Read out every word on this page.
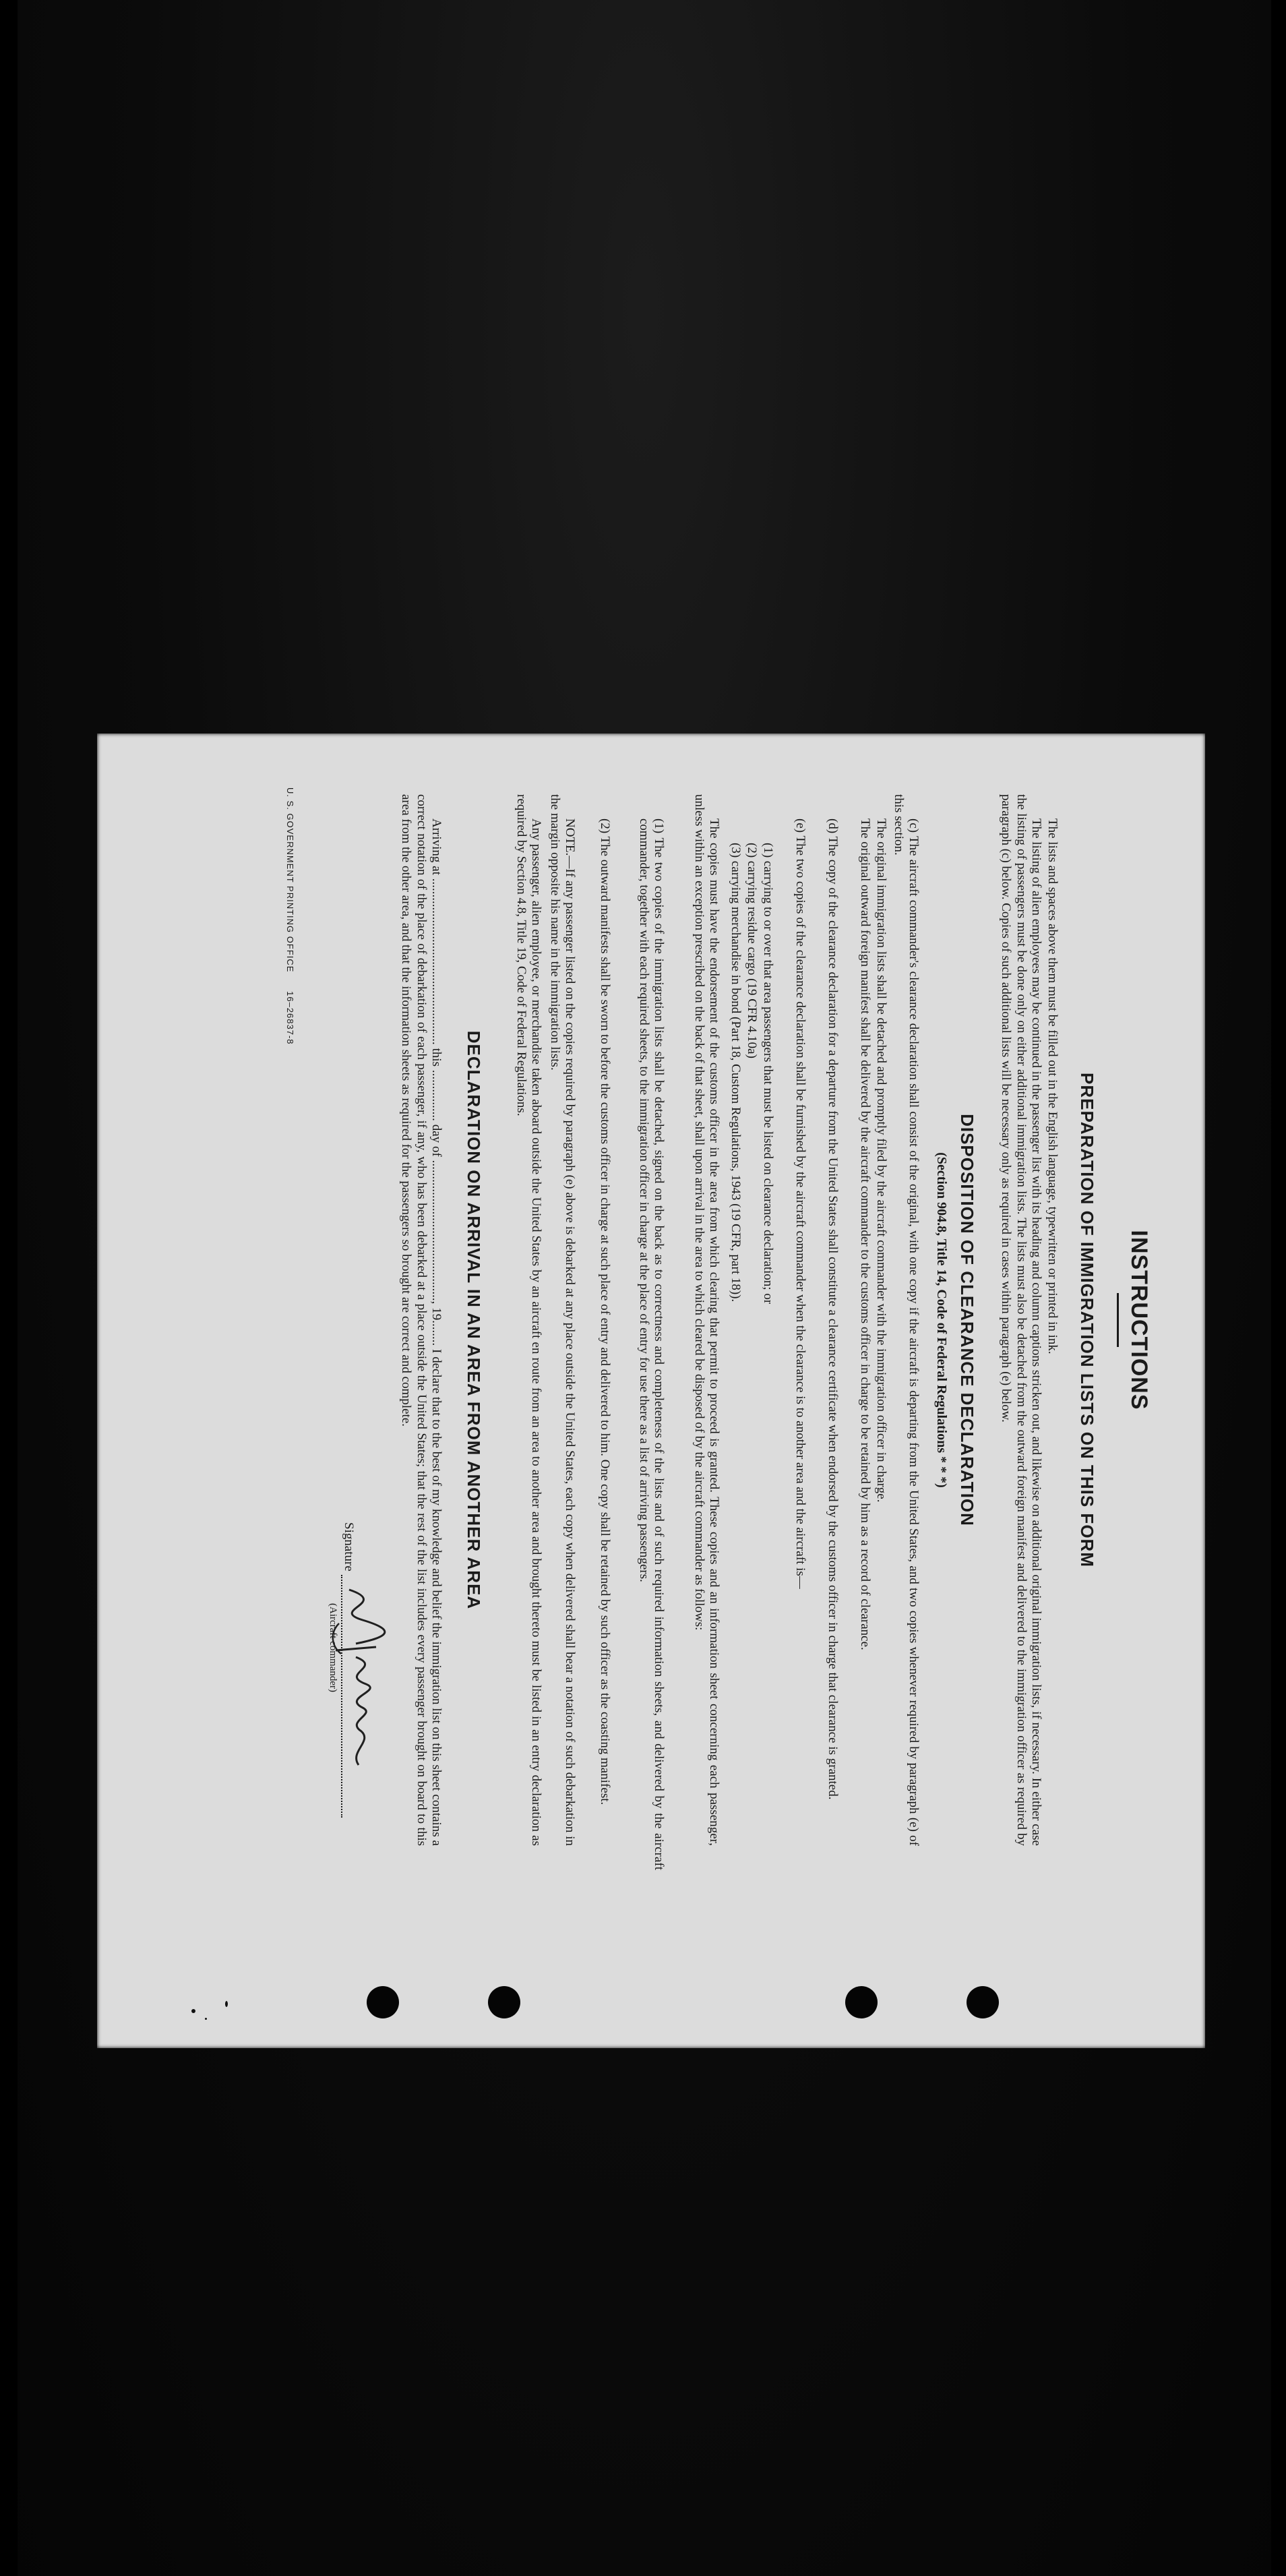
INSTRUCTIONS
PREPARATION OF IMMIGRATION LISTS ON THIS FORM
The lists and spaces above them must be filled out in the English language, typewritten or printed in ink.
The listing of alien employees may be continued in the passenger list with its heading and column captions stricken out, and likewise on additional original immigration lists, if necessary. In either case the listing of passengers must be done only on either additional immigration lists. The lists must also be detached from the outward foreign manifest and delivered to the immigration officer as required by paragraph (c) below. Copies of such additional lists will be necessary only as required in cases within paragraph (e) below.
DISPOSITION OF CLEARANCE DECLARATION
(Section 904.8, Title 14, Code of Federal Regulations * * *)
(c) The aircraft commander's clearance declaration shall consist of the original, with one copy if the aircraft is departing from the United States, and two copies whenever required by paragraph (e) of this section.
The original immigration lists shall be detached and promptly filed by the aircraft commander with the immigration officer in charge.
The original outward foreign manifest shall be delivered by the aircraft commander to the customs officer in charge to be retained by him as a record of clearance.
(d) The copy of the clearance declaration for a departure from the United States shall constitute a clearance certificate when endorsed by the customs officer in charge that clearance is granted.
(e) The two copies of the clearance declaration shall be furnished by the aircraft commander when the clearance is to another area and the aircraft is—
(1) carrying to or over that area passengers that must be listed on clearance declaration; or
(2) carrying residue cargo (19 CFR 4.10a)
(3) carrying merchandise in bond (Part 18, Custom Regulations, 1943 (19 CFR, part 18)).
The copies must have the endorsement of the customs officer in the area from which clearing that permit to proceed is granted. These copies and an information sheet concerning each passenger, unless within an exception prescribed on the back of that sheet, shall upon arrival in the area to which cleared be disposed of by the aircraft commander as follows:
(1) The two copies of the immigration lists shall be detached, signed on the back as to correctness and completeness of the lists and of such required information sheets, and delivered by the aircraft commander, together with each required sheets, to the immigration officer in charge at the place of entry for use there as a list of arriving passengers.
(2) The outward manifests shall be sworn to before the customs officer in charge at such place of entry and delivered to him. One copy shall be retained by such officer as the coasting manifest.
NOTE.—If any passenger listed on the copies required by paragraph (e) above is debarked at any place outside the United States, each copy when delivered shall bear a notation of such debarkation in the margin opposite his name in the immigration lists.
Any passenger, alien employee, or merchandise taken aboard outside the United States by an aircraft en route from an area to another area and brought thereto must be listed in an entry declaration as required by Section 4.8, Title 19, Code of Federal Regulations.
DECLARATION ON ARRIVAL IN AN AREA FROM ANOTHER AREA
Arriving at .................................................... this ................ day of ............................................, 19........ I declare that to the best of my knowledge and belief the immigration list on this sheet contains a correct notation of the place of debarkation of each passenger, if any, who has been debarked at a place outside the United States; that the rest of the list includes every passenger brought on board to this area from the other area, and that the information sheets as required for the passengers so brought are correct and complete.
Signature
(Aircraft commander)
U. S. GOVERNMENT PRINTING OFFICE      16–26837-8
